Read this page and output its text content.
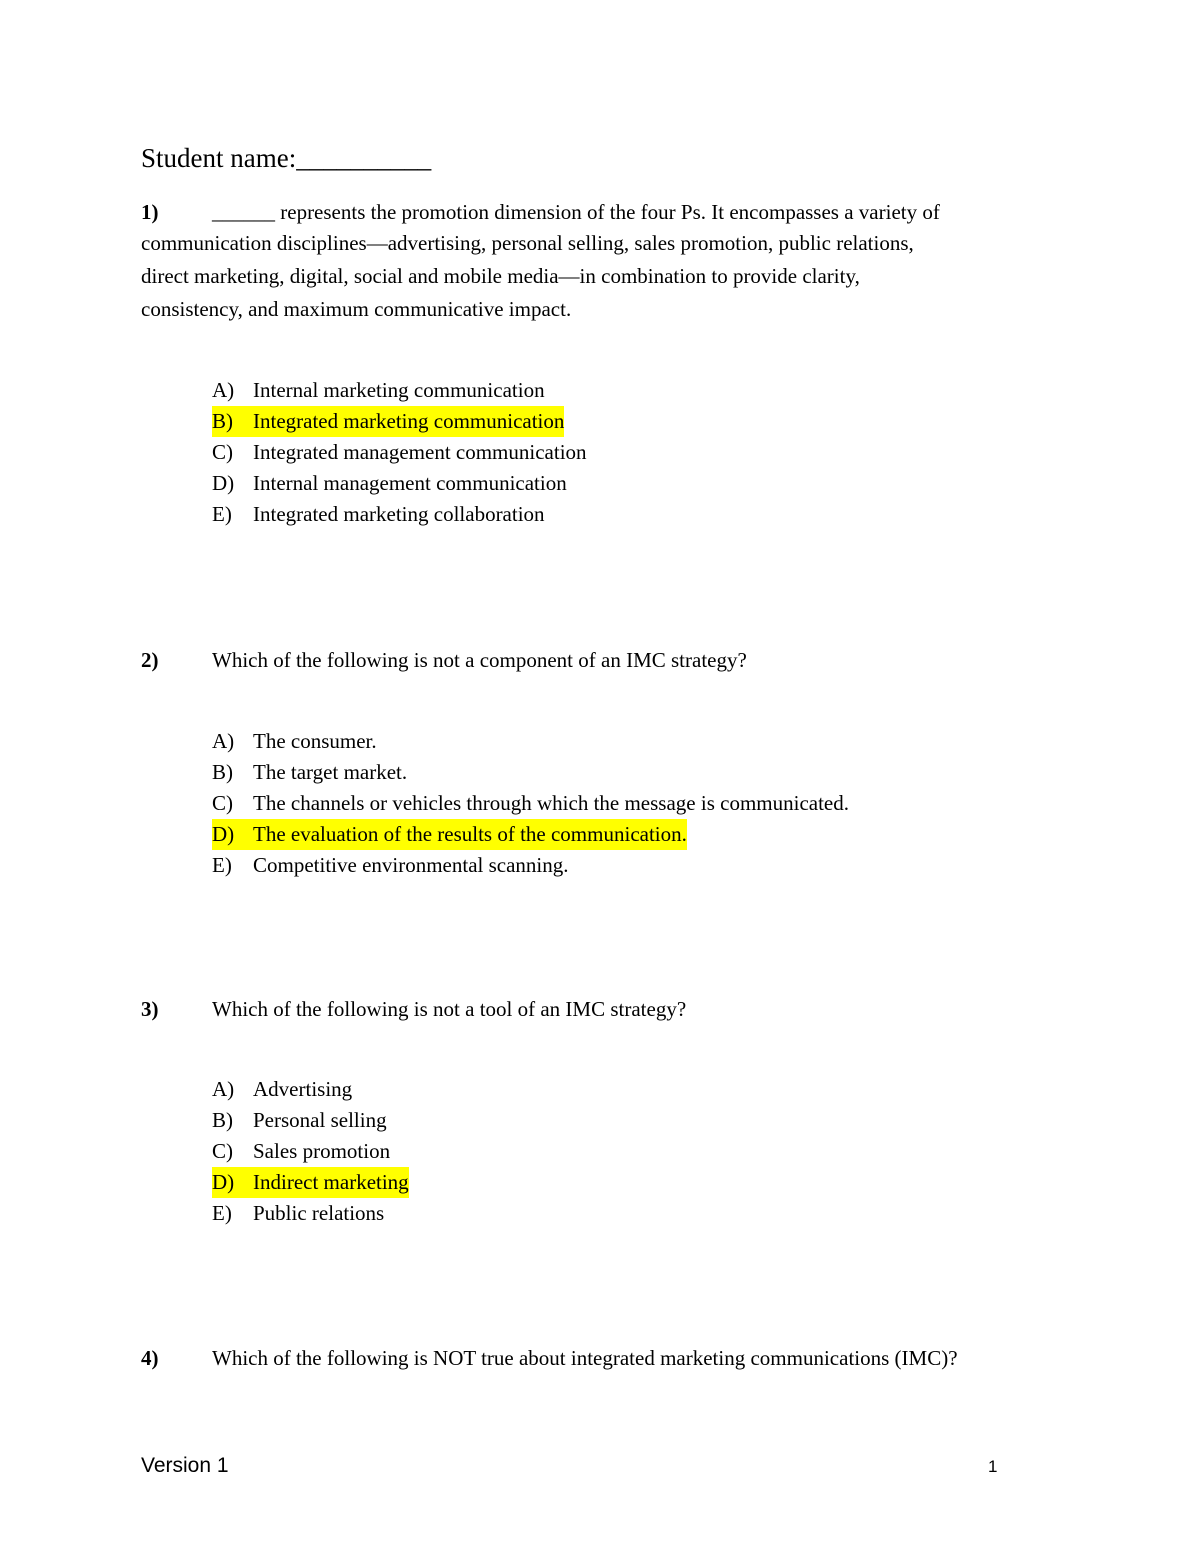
Student name:__________
1)	______ represents the promotion dimension of the four Ps. It encompasses a variety of
communication disciplines—advertising, personal selling, sales promotion, public relations,
direct marketing, digital, social and mobile media—in combination to provide clarity,
consistency, and maximum communicative impact.
A) Internal marketing communication
B) Integrated marketing communication
C) Integrated management communication
D) Internal management communication
E)	Integrated marketing collaboration
2)	Which of the following is not a component of an IMC strategy?
A) The consumer.
B) The target market.
C) The channels or vehicles through which the message is communicated.
D) The evaluation of the results of the communication.
E)	Competitive environmental scanning.
3)	Which of the following is not a tool of an IMC strategy?
A) Advertising
B) Personal selling
C) Sales promotion
D) Indirect marketing
E)	Public relations
4)	Which of the following is NOT true about integrated marketing communications (IMC)?
Version 1	1
